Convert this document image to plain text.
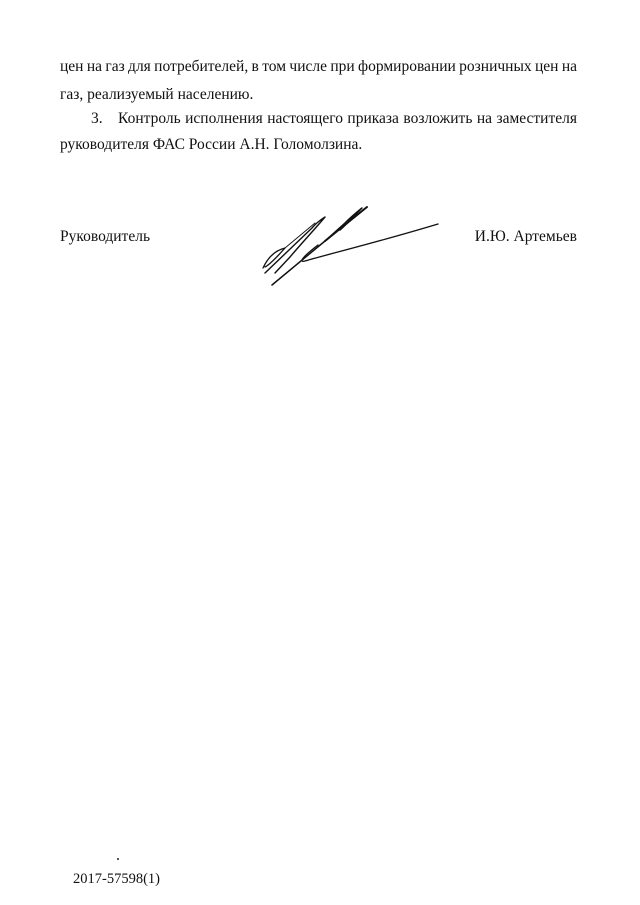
цен на газ для потребителей, в том числе при формировании розничных цен на
газ, реализуемый населению.
3. Контроль исполнения настоящего приказа возложить на заместителя
руководителя ФАС России А.Н. Голомолзина.
Руководитель	И.Ю. Артемьев
2017-57598(1)
